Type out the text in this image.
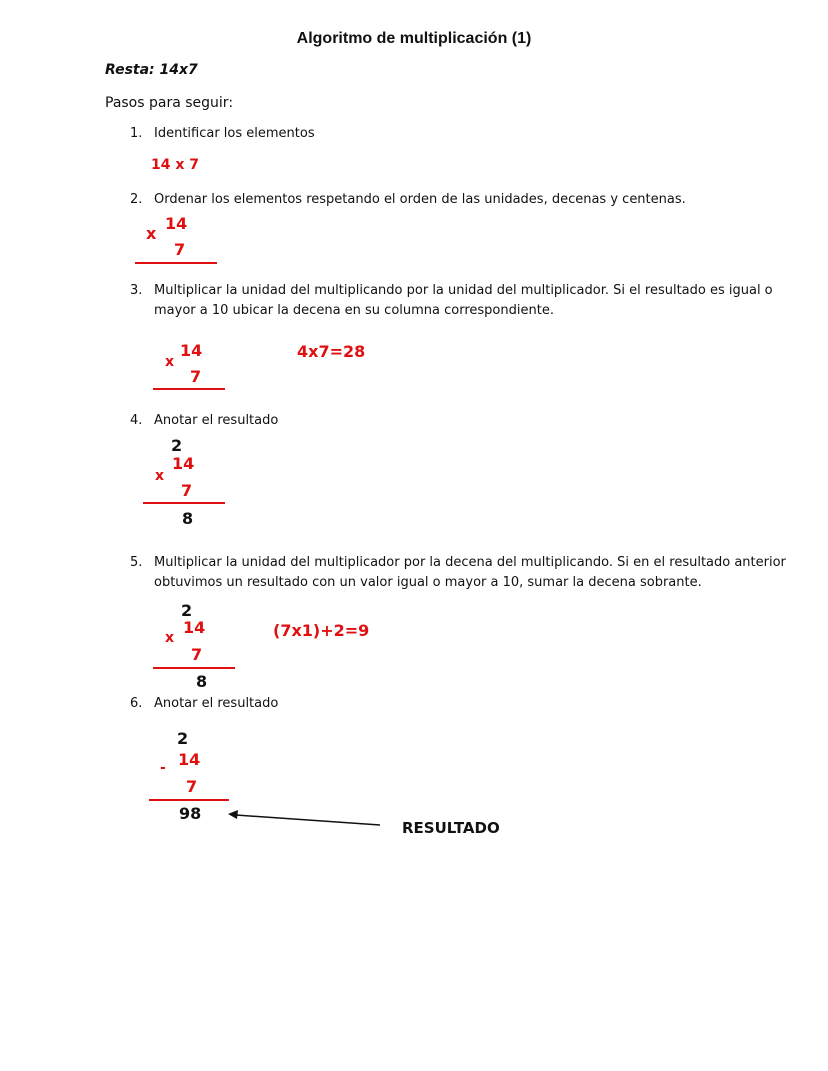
Algoritmo de multiplicación (1)
Resta: 14x7
Pasos para seguir:
1. Identificar los elementos
14 x 7
2. Ordenar los elementos respetando el orden de las unidades, decenas y centenas.
14
x
7
3. Multiplicar la unidad del multiplicando por la unidad del multiplicador. Si el resultado es igual o
mayor a 10 ubicar la decena en su columna correspondiente.
14
x
7
4x7=28
4. Anotar el resultado
2
14
x
7
8
5. Multiplicar la unidad del multiplicador por la decena del multiplicando. Si en el resultado anterior
obtuvimos un resultado con un valor igual o mayor a 10, sumar la decena sobrante.
2
14
x
7
8
(7x1)+2=9
6. Anotar el resultado
2
14
-
7
98
RESULTADO
